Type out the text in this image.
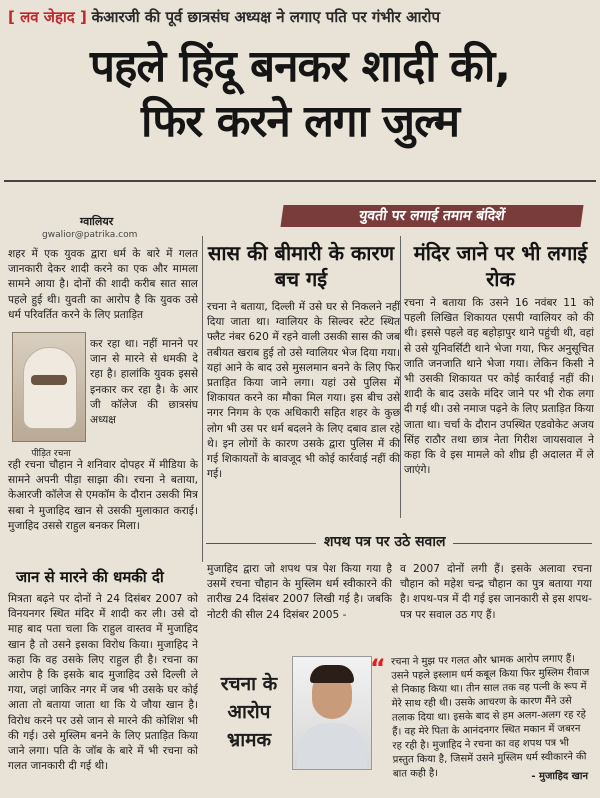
[ लव जेहाद ] केआरजी की पूर्व छात्रसंघ अध्यक्ष ने लगाए पति पर गंभीर आरोप
पहले हिंदू बनकर शादी की,
फिर करने लगा जुल्म
ग्वालियर
gwalior@patrika.com
युवती पर लगाई तमाम बंदिशें

शहर में एक युवक द्वारा धर्म के बारे में गलत जानकारी देकर शादी करने का एक और मामला सामने आया है। दोनों की शादी करीब सात साल पहले हुई थी। युवती का आरोप है कि युवक उसे धर्म परिवर्तित करने के लिए प्रताड़ित

पीड़ित रचना

कर रहा था। नहीं मानने पर जान से मारने से धमकी दे रहा है। हालांकि युवक इससे इनकार कर रहा है। के आर जी कॉलेज की छात्रसंघ अध्यक्ष

रही रचना चौहान ने शनिवार दोपहर में मीडिया के सामने अपनी पीड़ा साझा की। रचना ने बताया, केआरजी कॉलेज से एमकॉम के दौरान उसकी मित्र सबा ने मुजाहिद खान से उसकी मुलाकात कराई। मुजाहिद उससे राहुल बनकर मिला।

सास की बीमारी के कारण बच गई

रचना ने बताया, दिल्ली में उसे घर से निकलने नहीं दिया जाता था। ग्वालियर के सिल्वर स्टेट स्थित फ्लैट नंबर 620 में रहने वाली उसकी सास की जब तबीयत खराब हुई तो उसे ग्वालियर भेज दिया गया। यहां आने के बाद उसे मुसलमान बनने के लिए फिर प्रताड़ित किया जाने लगा। यहां उसे पुलिस में शिकायत करने का मौका मिल गया। इस बीच उसे नगर निगम के एक अधिकारी सहित शहर के कुछ लोग भी उस पर धर्म बदलने के लिए दबाव डाल रहे थे। इन लोगों के कारण उसके द्वारा पुलिस में की गई शिकायतों के बावजूद भी कोई कार्रवाई नहीं की गई।

मंदिर जाने पर भी लगाई रोक

रचना ने बताया कि उसने 16 नवंबर 11 को पहली लिखित शिकायत एसपी ग्वालियर को की थी। इससे पहले वह बहोड़ापुर थाने पहुंची थी, वहां से उसे यूनिवर्सिटी थाने भेजा गया, फिर अनुसूचित जाति जनजाति थाने भेजा गया। लेकिन किसी ने भी उसकी शिकायत पर कोई कार्रवाई नहीं की। शादी के बाद उसके मंदिर जाने पर भी रोक लगा दी गई थी। उसे नमाज पढ़ने के लिए प्रताड़ित किया जाता था। चर्चा के दौरान उपस्थित एडवोकेट अजय सिंह राठौर तथा छात्र नेता गिरीश जायसवाल ने कहा कि वे इस मामले को शीघ्र ही अदालत में ले जाएंगे।

जान से मारने की धमकी दी

मित्रता बढ़ने पर दोनों ने 24 दिसंबर 2007 को विनयनगर स्थित मंदिर में शादी कर ली। उसे दो माह बाद पता चला कि राहुल वास्तव में मुजाहिद खान है तो उसने इसका विरोध किया। मुजाहिद ने कहा कि वह उसके लिए राहुल ही है। रचना का आरोप है कि इसके बाद मुजाहिद उसे दिल्ली ले गया, जहां जाकिर नगर में जब भी उसके घर कोई आता तो बताया जाता था कि ये जौया खान है। विरोध करने पर उसे जान से मारने की कोशिश भी की गई। उसे मुस्लिम बनने के लिए प्रताड़ित किया जाने लगा। पति के जॉब के बारे में भी रचना को गलत जानकारी दी गई थी।

शपथ पत्र पर उठे सवाल

मुजाहिद द्वारा जो शपथ पत्र पेश किया गया है उसमें रचना चौहान के मुस्लिम धर्म स्वीकारने की तारीख 24 दिसंबर 2007 लिखी गई है। जबकि नोटरी की सील 24 दिसंबर 2005 -

व 2007 दोनों लगी हैं। इसके अलावा रचना चौहान को महेश चन्द्र चौहान का पुत्र बताया गया है। शपथ-पत्र में दी गई इस जानकारी से इस शपथ-पत्र पर सवाल उठ गए हैं।

रचना के आरोप भ्रामक
“ रचना ने मुझ पर गलत और भ्रामक आरोप लगाए हैं। उसने पहले इस्लाम धर्म कबूल किया फिर मुस्लिम रीवाज से निकाह किया था। तीन साल तक वह पत्नी के रूप में मेरे साथ रही थी। उसके आचरण के कारण मैंने उसे तलाक दिया था। इसके बाद से हम अलग-अलग रह रहे हैं। वह मेरे पिता के आनंदनगर स्थित मकान में जबरन रह रही है। मुजाहिद ने रचना का वह शपथ पत्र भी प्रस्तुत किया है, जिसमें उसने मुस्लिम धर्म स्वीकारने की बात कही है।	- मुजाहिद खान
